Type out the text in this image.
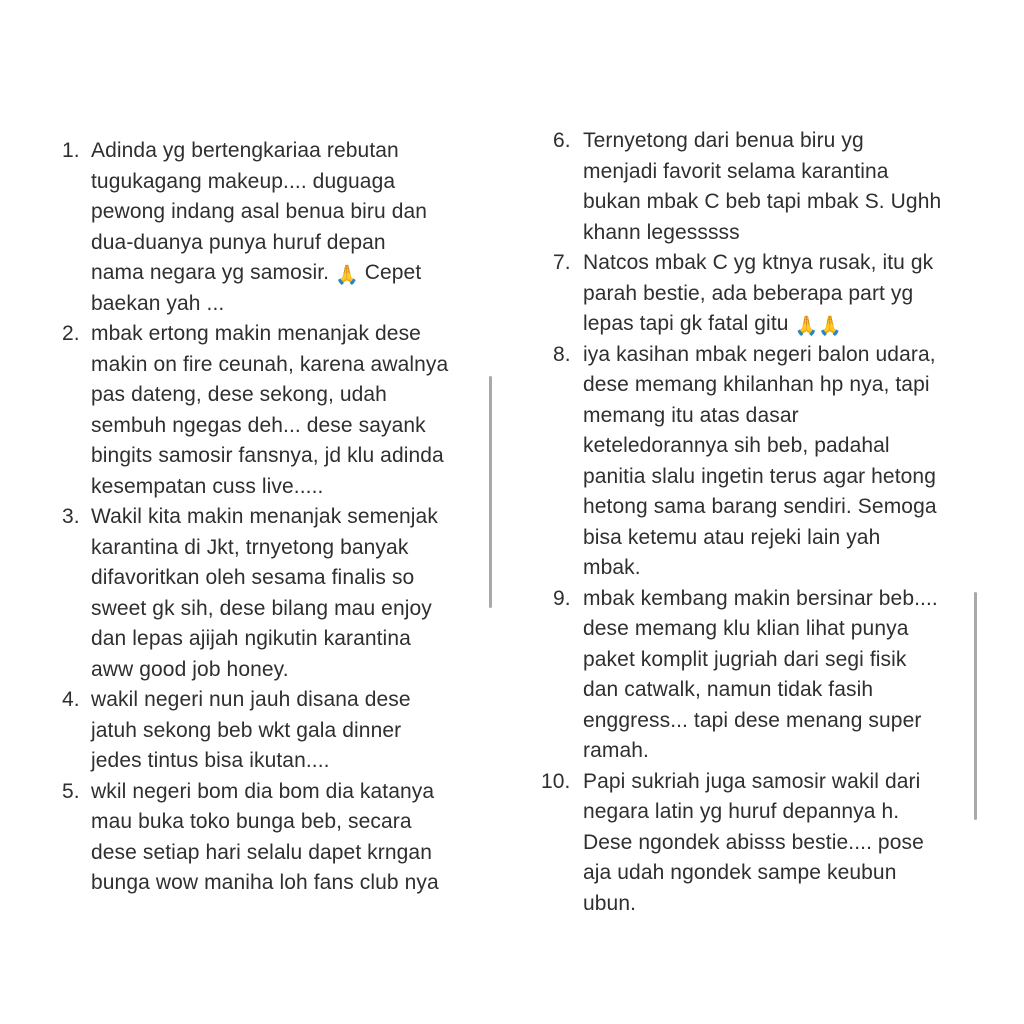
1. Adinda yg bertengkariaa rebutan
tugukagang makeup.... duguaga
pewong indang asal benua biru dan
dua-duanya punya huruf depan
nama negara yg samosir. 🙏 Cepet
baekan yah ...
2. mbak ertong makin menanjak dese
makin on fire ceunah, karena awalnya
pas dateng, dese sekong, udah
sembuh ngegas deh... dese sayank
bingits samosir fansnya, jd klu adinda
kesempatan cuss live.....
3. Wakil kita makin menanjak semenjak
karantina di Jkt, trnyetong banyak
difavoritkan oleh sesama finalis so
sweet gk sih, dese bilang mau enjoy
dan lepas ajijah ngikutin karantina
aww good job honey.
4. wakil negeri nun jauh disana dese
jatuh sekong beb wkt gala dinner
jedes tintus bisa ikutan....
5. wkil negeri bom dia bom dia katanya
mau buka toko bunga beb, secara
dese setiap hari selalu dapet krngan
bunga wow maniha loh fans club nya
6. Ternyetong dari benua biru yg
menjadi favorit selama karantina
bukan mbak C beb tapi mbak S. Ughh
khann legesssss
7. Natcos mbak C yg ktnya rusak, itu gk
parah bestie, ada beberapa part yg
lepas tapi gk fatal gitu 🙏🙏
8. iya kasihan mbak negeri balon udara,
dese memang khilanhan hp nya, tapi
memang itu atas dasar
keteledorannya sih beb, padahal
panitia slalu ingetin terus agar hetong
hetong sama barang sendiri. Semoga
bisa ketemu atau rejeki lain yah
mbak.
9. mbak kembang makin bersinar beb....
dese memang klu klian lihat punya
paket komplit jugriah dari segi fisik
dan catwalk, namun tidak fasih
enggress... tapi dese menang super
ramah.
10. Papi sukriah juga samosir wakil dari
negara latin yg huruf depannya h.
Dese ngondek abisss bestie.... pose
aja udah ngondek sampe keubun
ubun.
